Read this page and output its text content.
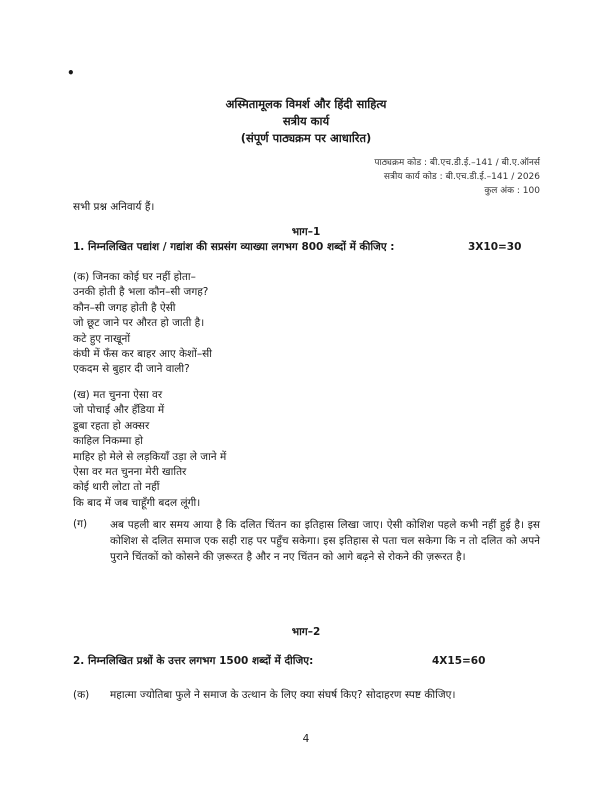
•
अस्मितामूलक विमर्श और हिंदी साहित्य
सत्रीय कार्य
(संपूर्ण पाठ्यक्रम पर आधारित)
पाठ्यक्रम कोड : बी.एच.डी.ई.–141 / बी.ए.ऑनर्स
सत्रीय कार्य कोड : बी.एच.डी.ई.–141 / 2026
कुल अंक : 100
सभी प्रश्न अनिवार्य हैं।
भाग–1
1. निम्नलिखित पद्यांश / गद्यांश की सप्रसंग व्याख्या लगभग 800 शब्दों में कीजिए :	3X10=30
(क) जिनका कोई घर नहीं होता–
उनकी होती है भला कौन–सी जगह?
कौन–सी जगह होती है ऐसी
जो छूट जाने पर औरत हो जाती है।
कटे हुए नाखूनों
कंघी में फँस कर बाहर आए केशों–सी
एकदम से बुहार दी जाने वाली?
(ख) मत चुनना ऐसा वर
जो पोचाई और हँडिया में
डूबा रहता हो अक्सर
काहिल निकम्मा हो
माहिर हो मेले से लड़कियाँ उड़ा ले जाने में
ऐसा वर मत चुनना मेरी खातिर
कोई थारी लोटा तो नहीं
कि बाद में जब चाहूँगी बदल लूंगी।
(ग) अब पहली बार समय आया है कि दलित चिंतन का इतिहास लिखा जाए। ऐसी कोशिश पहले कभी नहीं हुई है। इस कोशिश से दलित समाज एक सही राह पर पहुँच सकेगा। इस इतिहास से पता चल सकेगा कि न तो दलित को अपने पुराने चिंतकों को कोसने की ज़रूरत है और न नए चिंतन को आगे बढ़ने से रोकने की ज़रूरत है।
भाग–2
2. निम्नलिखित प्रश्नों के उत्तर लगभग 1500 शब्दों में दीजिए:	4X15=60
(क) महात्मा ज्योतिबा फुले ने समाज के उत्थान के लिए क्या संघर्ष किए? सोदाहरण स्पष्ट कीजिए।
4
